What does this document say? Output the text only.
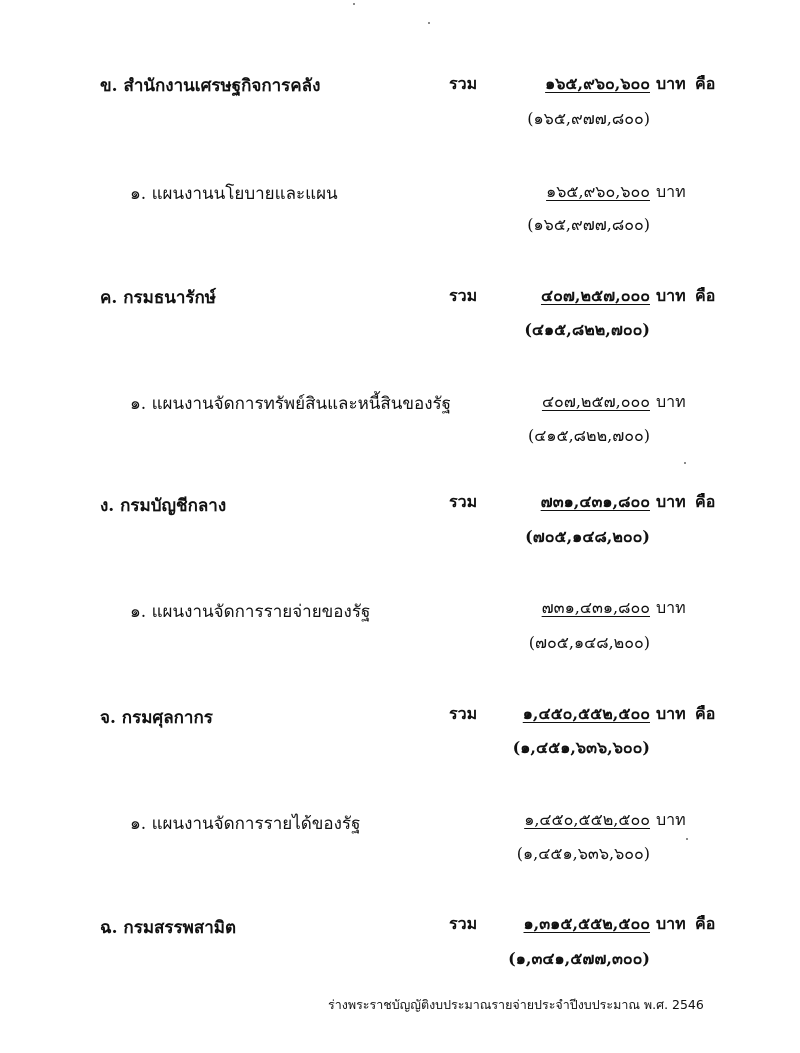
ข. สำนักงานเศรษฐกิจการคลัง	รวม	๑๖๕,๙๖๐,๖๐๐ บาท คือ
(๑๖๕,๙๗๗,๘๐๐)
๑. แผนงานนโยบายและแผน	๑๖๕,๙๖๐,๖๐๐ บาท
(๑๖๕,๙๗๗,๘๐๐)
ค. กรมธนารักษ์	รวม	๔๐๗,๒๕๗,๐๐๐ บาท คือ
(๔๑๕,๘๒๒,๗๐๐)
๑. แผนงานจัดการทรัพย์สินและหนี้สินของรัฐ	๔๐๗,๒๕๗,๐๐๐ บาท
(๔๑๕,๘๒๒,๗๐๐)
ง. กรมบัญชีกลาง	รวม	๗๓๑,๔๓๑,๘๐๐ บาท คือ
(๗๐๕,๑๔๘,๒๐๐)
๑. แผนงานจัดการรายจ่ายของรัฐ	๗๓๑,๔๓๑,๘๐๐ บาท
(๗๐๕,๑๔๘,๒๐๐)
จ. กรมศุลกากร	รวม	๑,๔๕๐,๕๕๒,๕๐๐ บาท คือ
(๑,๔๕๑,๖๓๖,๖๐๐)
๑. แผนงานจัดการรายได้ของรัฐ	๑,๔๕๐,๕๕๒,๕๐๐ บาท
(๑,๔๕๑,๖๓๖,๖๐๐)
ฉ. กรมสรรพสามิต	รวม	๑,๓๑๕,๕๕๒,๕๐๐ บาท คือ
(๑,๓๔๑,๕๗๗,๓๐๐)
ร่างพระราชบัญญัติงบประมาณรายจ่ายประจำปีงบประมาณ พ.ศ. 2546
